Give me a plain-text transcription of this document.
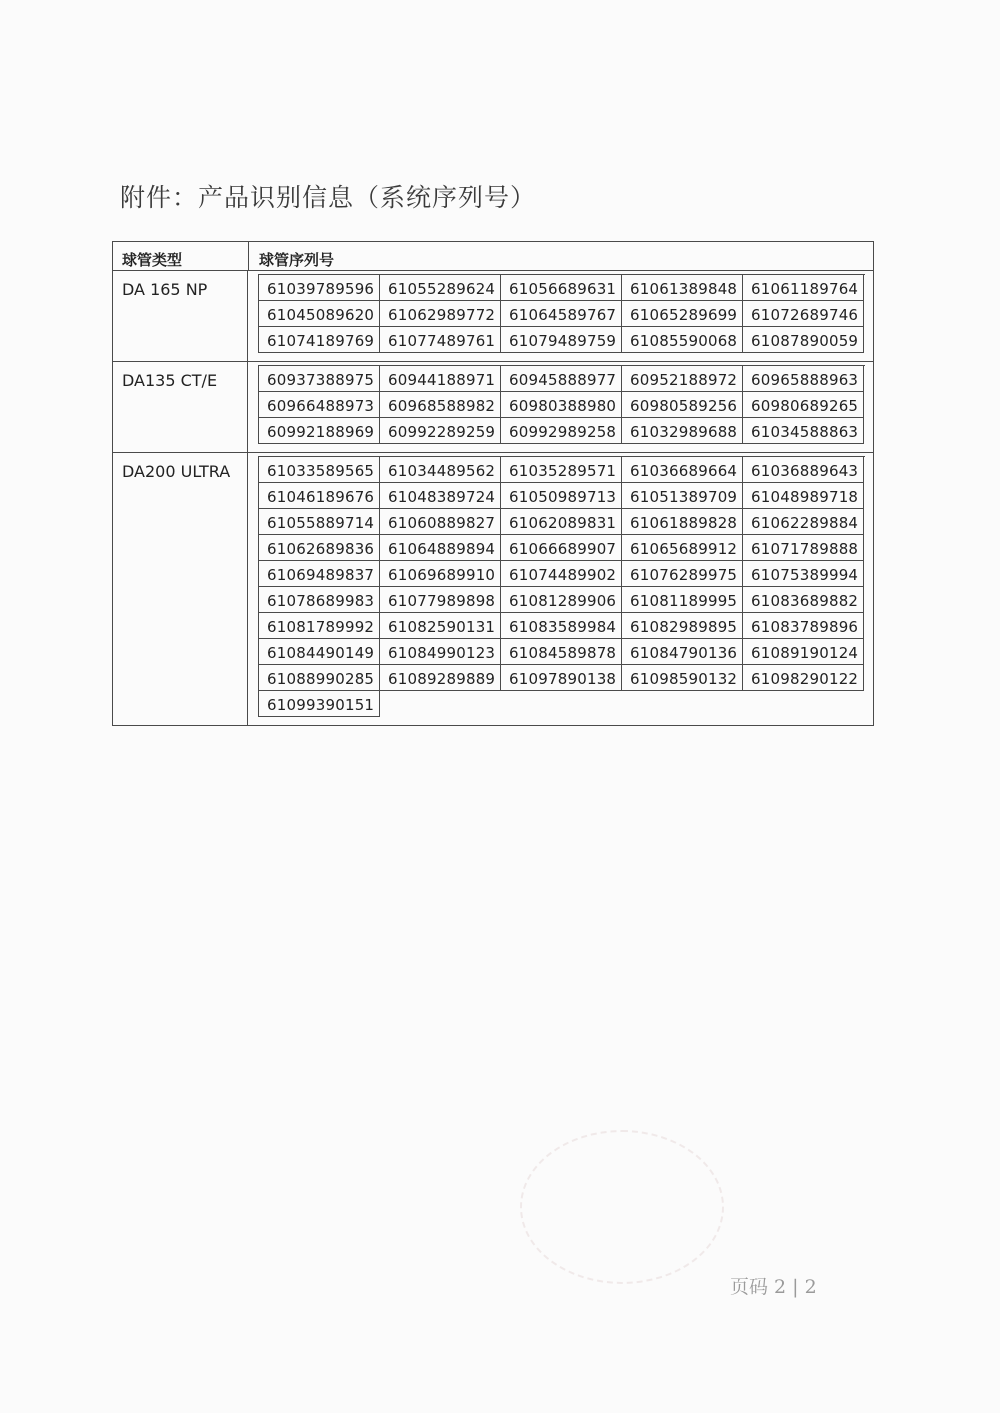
附件：产品识别信息（系统序列号）
球管类型	球管序列号
DA 165 NP	61039789596 61055289624 61056689631 61061389848 61061189764
61045089620 61062989772 61064589767 61065289699 61072689746
61074189769 61077489761 61079489759 61085590068 61087890059
DA135 CT/E	60937388975 60944188971 60945888977 60952188972 60965888963
60966488973 60968588982 60980388980 60980589256 60980689265
60992188969 60992289259 60992989258 61032989688 61034588863
DA200 ULTRA	61033589565 61034489562 61035289571 61036689664 61036889643
61046189676 61048389724 61050989713 61051389709 61048989718
61055889714 61060889827 61062089831 61061889828 61062289884
61062689836 61064889894 61066689907 61065689912 61071789888
61069489837 61069689910 61074489902 61076289975 61075389994
61078689983 61077989898 61081289906 61081189995 61083689882
61081789992 61082590131 61083589984 61082989895 61083789896
61084490149 61084990123 61084589878 61084790136 61089190124
61088990285 61089289889 61097890138 61098590132 61098290122
61099390151
页码 2 | 2
